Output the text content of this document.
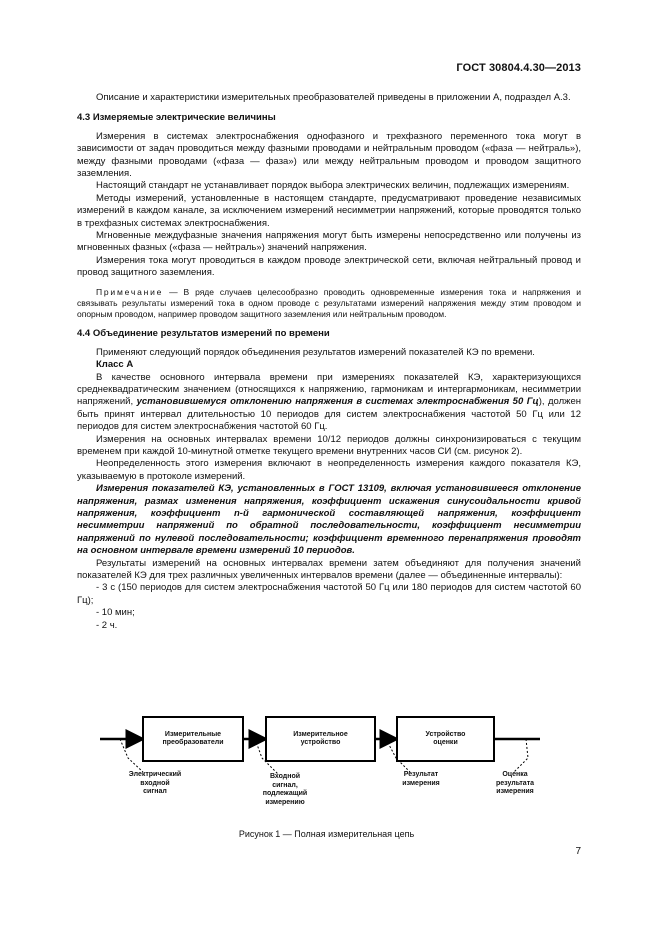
ГОСТ 30804.4.30—2013

Описание и характеристики измерительных преобразователей приведены в приложении А, подраздел А.3.

4.3 Измеряемые электрические величины

Измерения в системах электроснабжения однофазного и трехфазного переменного тока могут в зависимости от задач проводиться между фазными проводами и нейтральным проводом («фаза — нейтраль»), между фазными проводами («фаза — фаза») или между нейтральным проводом и проводом защитного заземления.

Настоящий стандарт не устанавливает порядок выбора электрических величин, подлежащих измерениям.

Методы измерений, установленные в настоящем стандарте, предусматривают проведение независимых измерений в каждом канале, за исключением измерений несимметрии напряжений, которые проводятся только в трехфазных системах электроснабжения.

Мгновенные междуфазные значения напряжения могут быть измерены непосредственно или получены из мгновенных фазных («фаза — нейтраль») значений напряжения.

Измерения тока могут проводиться в каждом проводе электрической сети, включая нейтральный провод и провод защитного заземления.

Примечание — В ряде случаев целесообразно проводить одновременные измерения тока и напряжения и связывать результаты измерений тока в одном проводе с результатами измерений напряжения между этим проводом и опорным проводом, например проводом защитного заземления или нейтральным проводом.

4.4 Объединение результатов измерений по времени

Применяют следующий порядок объединения результатов измерений показателей КЭ по времени.

Класс А

В качестве основного интервала времени при измерениях показателей КЭ, характеризующихся среднеквадратическим значением (относящихся к напряжению, гармоникам и интергармоникам, несимметрии напряжений, установившемуся отклонению напряжения в системах электроснабжения 50 Гц), должен быть принят интервал длительностью 10 периодов для систем электроснабжения частотой 50 Гц или 12 периодов для систем электроснабжения частотой 60 Гц.

Измерения на основных интервалах времени 10/12 периодов должны синхронизироваться с текущим временем при каждой 10-минутной отметке текущего времени внутренних часов СИ (см. рисунок 2).

Неопределенность этого измерения включают в неопределенность измерения каждого показателя КЭ, указываемую в протоколе измерений.

Измерения показателей КЭ, установленных в ГОСТ 13109, включая установившееся отклонение напряжения, размах изменения напряжения, коэффициент искажения синусоидальности кривой напряжения, коэффициент n-й гармонической составляющей напряжения, коэффициент несимметрии напряжений по обратной последовательности, коэффициент несимметрии напряжений по нулевой последовательности; коэффициент временного перенапряжения проводят на основном интервале времени измерений 10 периодов.

Результаты измерений на основных интервалах времени затем объединяют для получения значений показателей КЭ для трех различных увеличенных интервалов времени (далее — объединенные интервалы):

- 3 с (150 периодов для систем электроснабжения частотой 50 Гц или 180 периодов для систем частотой 60 Гц);

- 10 мин;

- 2 ч.

Измерительные
преобразователи
Измерительное
устройство
Устройство
оценки
Электрический
входной
сигнал
Входной
сигнал,
подлежащий
измерению
Результат
измерения
Оценка
результата
измерения
Рисунок 1 — Полная измерительная цепь
7
